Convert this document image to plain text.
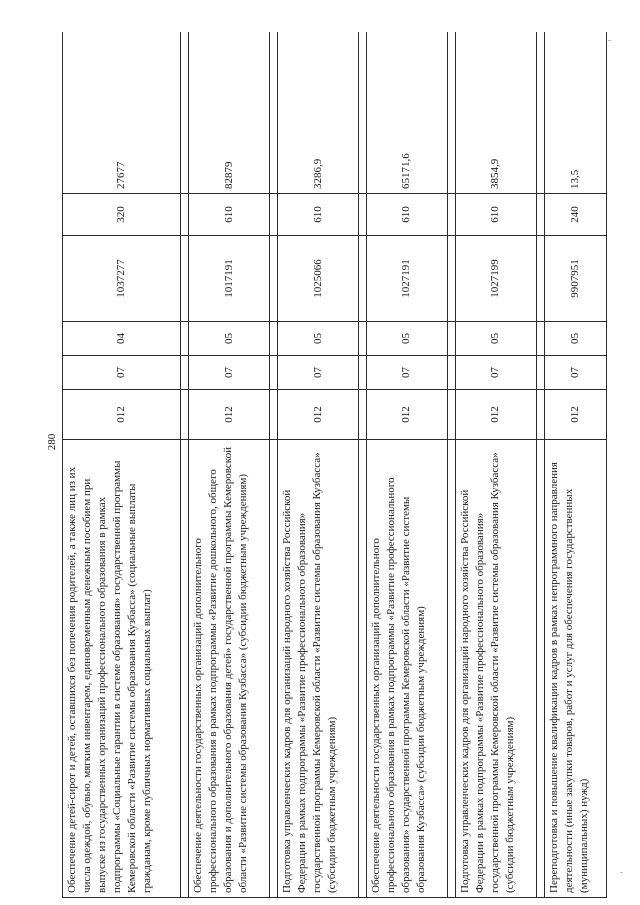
280
Обеспечение детей-сирот и детей, оставшихся без попечения родителей, а также лиц из их числа одеждой, обувью, мягким инвентарем, единовременным денежным пособием при выпуске из государственных организаций профессионального образования в рамках подпрограммы «Социальные гарантии в системе образования» государственной программы Кемеровской области «Развитие системы образования Кузбасса» (социальные выплаты гражданам, кроме публичных нормативных социальных выплат)	012	07	04	1037277	320	27677

Обеспечение деятельности государственных организаций дополнительного профессионального образования в рамках подпрограммы «Развитие дошкольного, общего образования и дополнительного образования детей» государственной программы Кемеровской области «Развитие системы образования Кузбасса» (субсидии бюджетным учреждениям)	012	07	05	1017191	610	82879

Подготовка управленческих кадров для организаций народного хозяйства Российской Федерации в рамках подпрограммы «Развитие профессионального образования» государственной программы Кемеровской области «Развитие системы образования Кузбасса» (субсидии бюджетным учреждениям)	012	07	05	1025066	610	3286,9

Обеспечение деятельности государственных организаций дополнительного профессионального образования в рамках подпрограммы «Развитие профессионального образования» государственной программы Кемеровской области «Развитие системы образования Кузбасса» (субсидии бюджетным учреждениям)	012	07	05	1027191	610	65171,6

Подготовка управленческих кадров для организаций народного хозяйства Российской Федерации в рамках подпрограммы «Развитие профессионального образования» государственной программы Кемеровской области «Развитие системы образования Кузбасса» (субсидии бюджетным учреждениям)	012	07	05	1027199	610	3854,9

Переподготовка и повышение квалификации кадров в рамках непрограммного направления деятельности (иные закупки товаров, работ и услуг для обеспечения государственных (муниципальных) нужд)	012	07	05	9907951	240	13,5
